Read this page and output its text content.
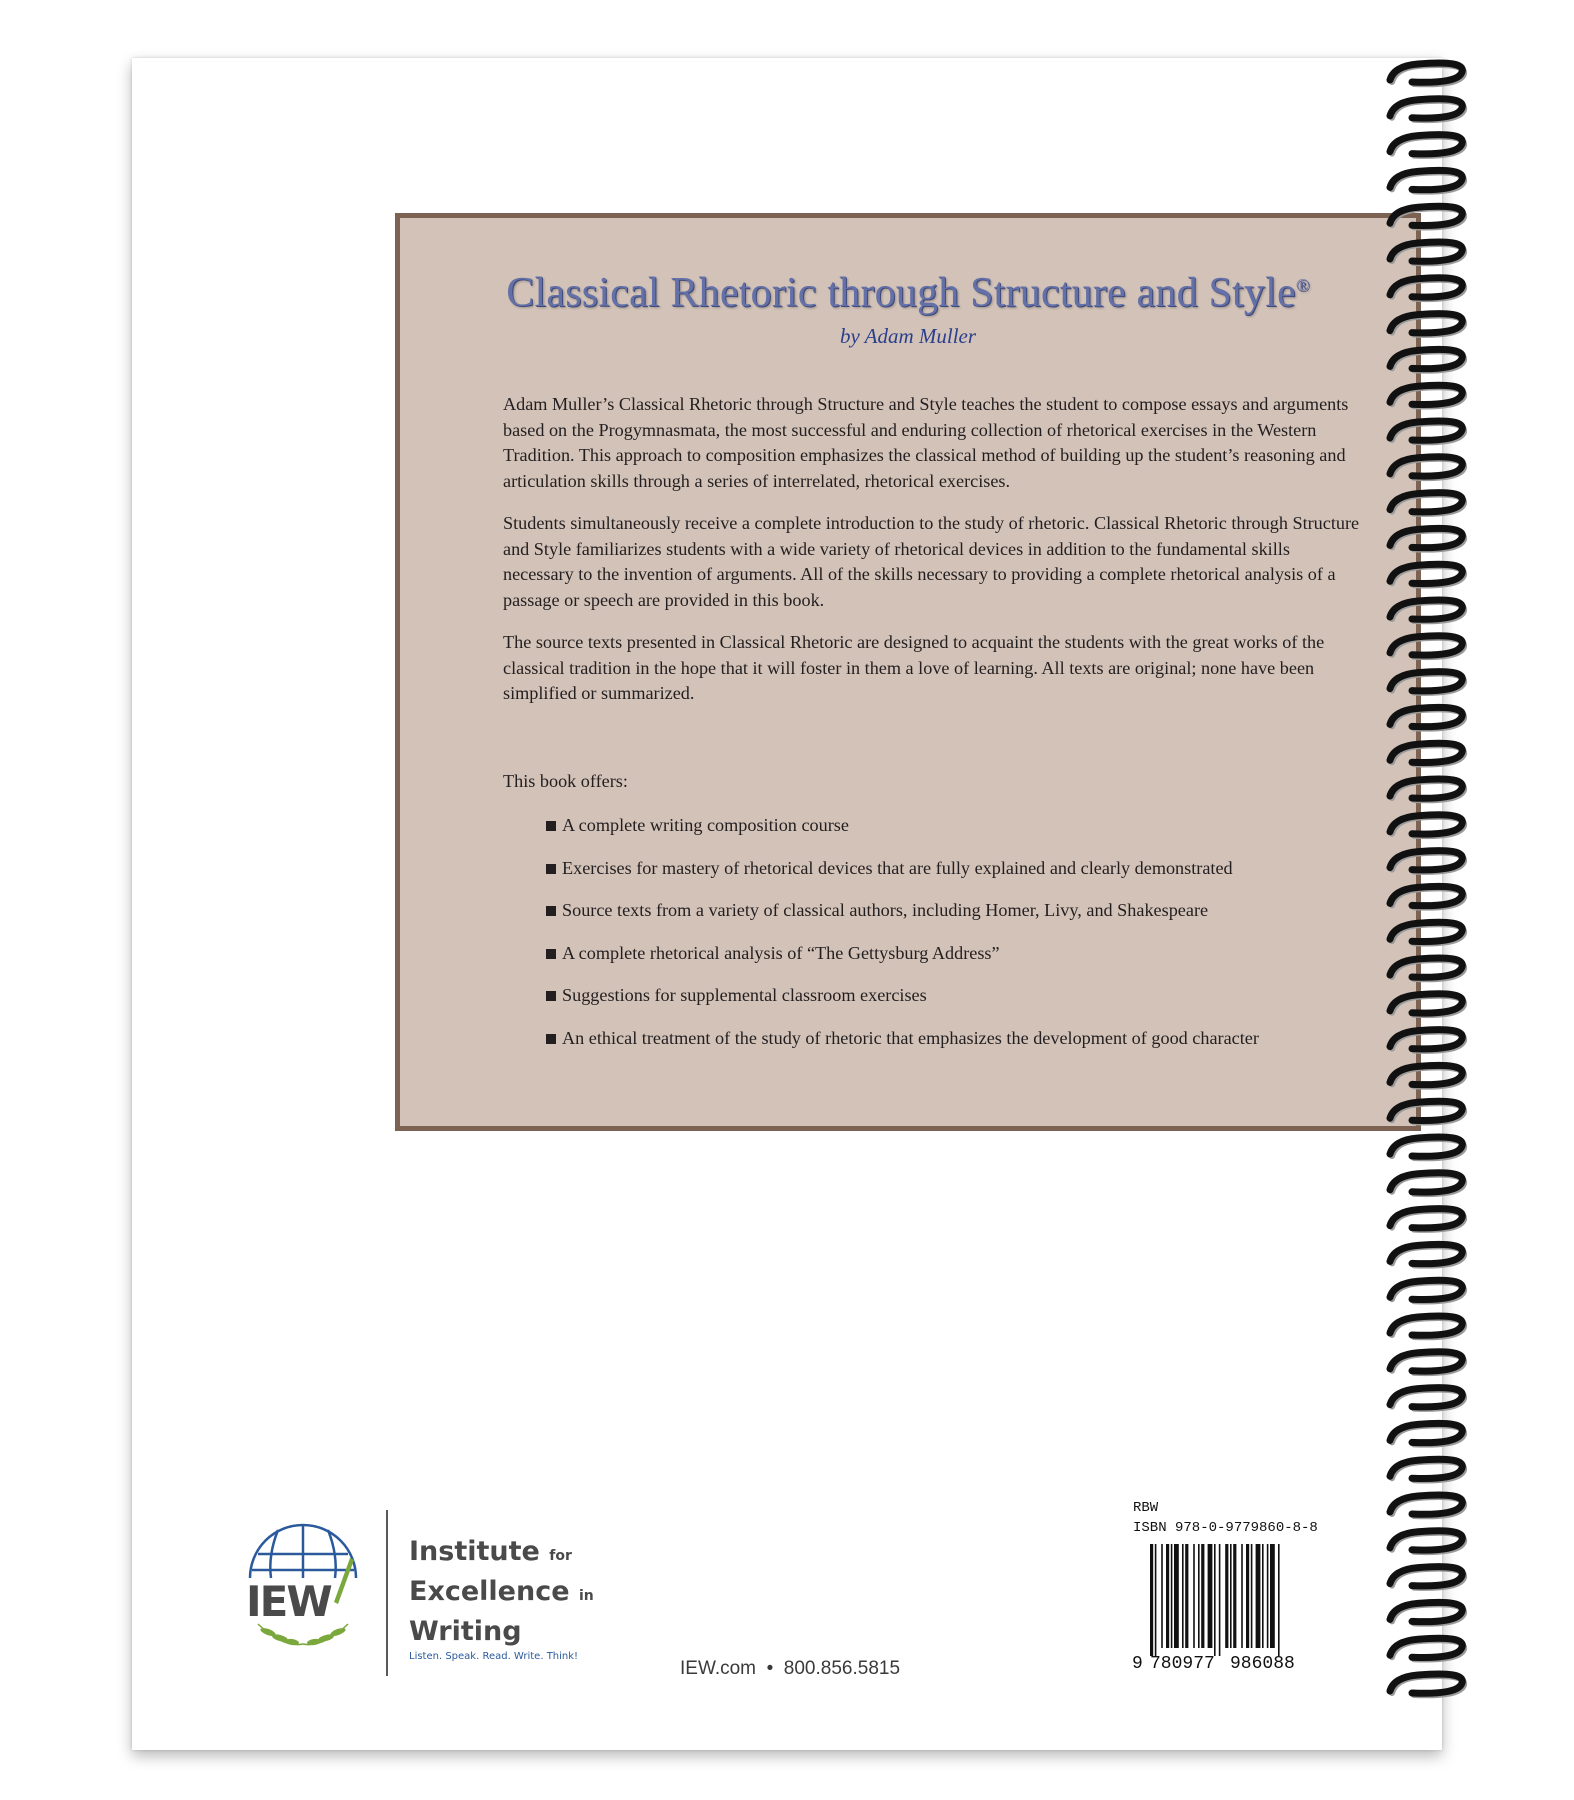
Classical Rhetoric through Structure and Style®
by Adam Muller

Adam Muller’s Classical Rhetoric through Structure and Style teaches the student to compose essays and arguments based on the Progymnasmata, the most successful and enduring collection of rhetorical exercises in the Western Tradition. This approach to composition emphasizes the classical method of building up the student’s reasoning and articulation skills through a series of interrelated, rhetorical exercises.

Students simultaneously receive a complete introduction to the study of rhetoric. Classical Rhetoric through Structure and Style familiarizes students with a wide variety of rhetorical devices in addition to the fundamental skills necessary to the invention of arguments. All of the skills necessary to providing a complete rhetorical analysis of a passage or speech are provided in this book.

The source texts presented in Classical Rhetoric are designed to acquaint the students with the great works of the classical tradition in the hope that it will foster in them a love of learning. All texts are original; none have been simplified or summarized.

This book offers:
A complete writing composition course
Exercises for mastery of rhetorical devices that are fully explained and clearly demonstrated
Source texts from a variety of classical authors, including Homer, Livy, and Shakespeare
A complete rhetorical analysis of “The Gettysburg Address”
Suggestions for supplemental classroom exercises
An ethical treatment of the study of rhetoric that emphasizes the development of good character
IEW
Institute for
Excellence in
Writing
Listen. Speak. Read. Write. Think!
IEW.com • 800.856.5815
RBW
ISBN 978-0-9779860-8-8
9 780977 986088
